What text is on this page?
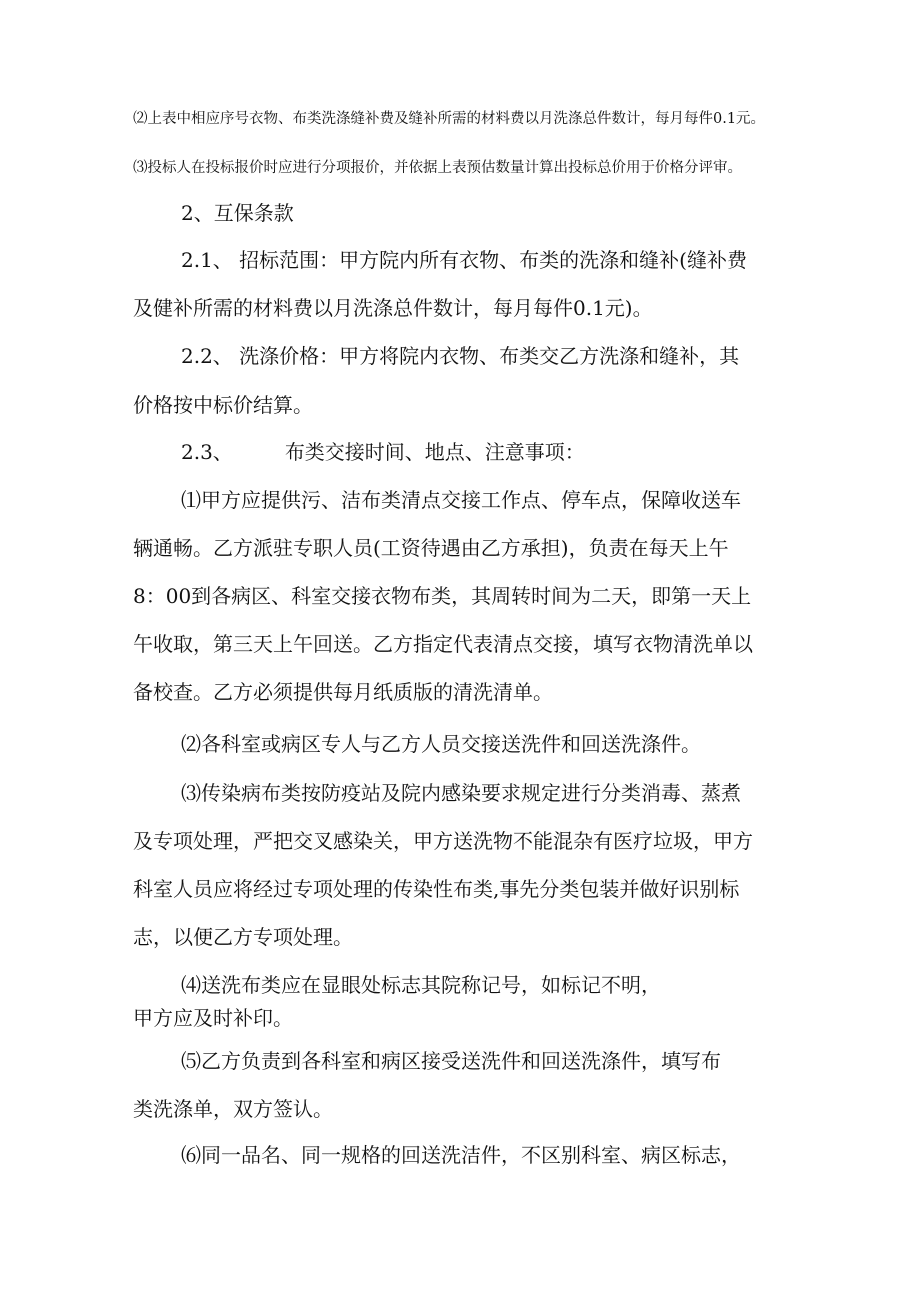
⑵上表中相应序号衣物、布类洗涤缝补费及缝补所需的材料费以月洗涤总件数计，每月每件0.1元。

⑶投标人在投标报价时应进行分项报价，并依据上表预估数量计算出投标总价用于价格分评审。

2、互保条款

2.1、 招标范围：甲方院内所有衣物、布类的洗涤和缝补(缝补费

及健补所需的材料费以月洗涤总件数计，每月每件0.1元)。

2.2、 洗涤价格：甲方将院内衣物、布类交乙方洗涤和缝补，其

价格按中标价结算。

2.3、	布类交接时间、地点、注意事项：

⑴甲方应提供污、洁布类清点交接工作点、停车点，保障收送车

辆通畅。乙方派驻专职人员(工资待遇由乙方承担)，负责在每天上午

8：00到各病区、科室交接衣物布类，其周转时间为二天，即第一天上

午收取，第三天上午回送。乙方指定代表清点交接，填写衣物清洗单以

备校查。乙方必须提供每月纸质版的清洗清单。

⑵各科室或病区专人与乙方人员交接送洗件和回送洗涤件。

⑶传染病布类按防疫站及院内感染要求规定进行分类消毒、蒸煮

及专项处理，严把交叉感染关，甲方送洗物不能混杂有医疗垃圾，甲方

科室人员应将经过专项处理的传染性布类,事先分类包装并做好识别标

志，以便乙方专项处理。

⑷送洗布类应在显眼处标志其院称记号，如标记不明，

甲方应及时补印。

⑸乙方负责到各科室和病区接受送洗件和回送洗涤件，填写布

类洗涤单，双方签认。

⑹同一品名、同一规格的回送洗洁件，不区别科室、病区标志，
